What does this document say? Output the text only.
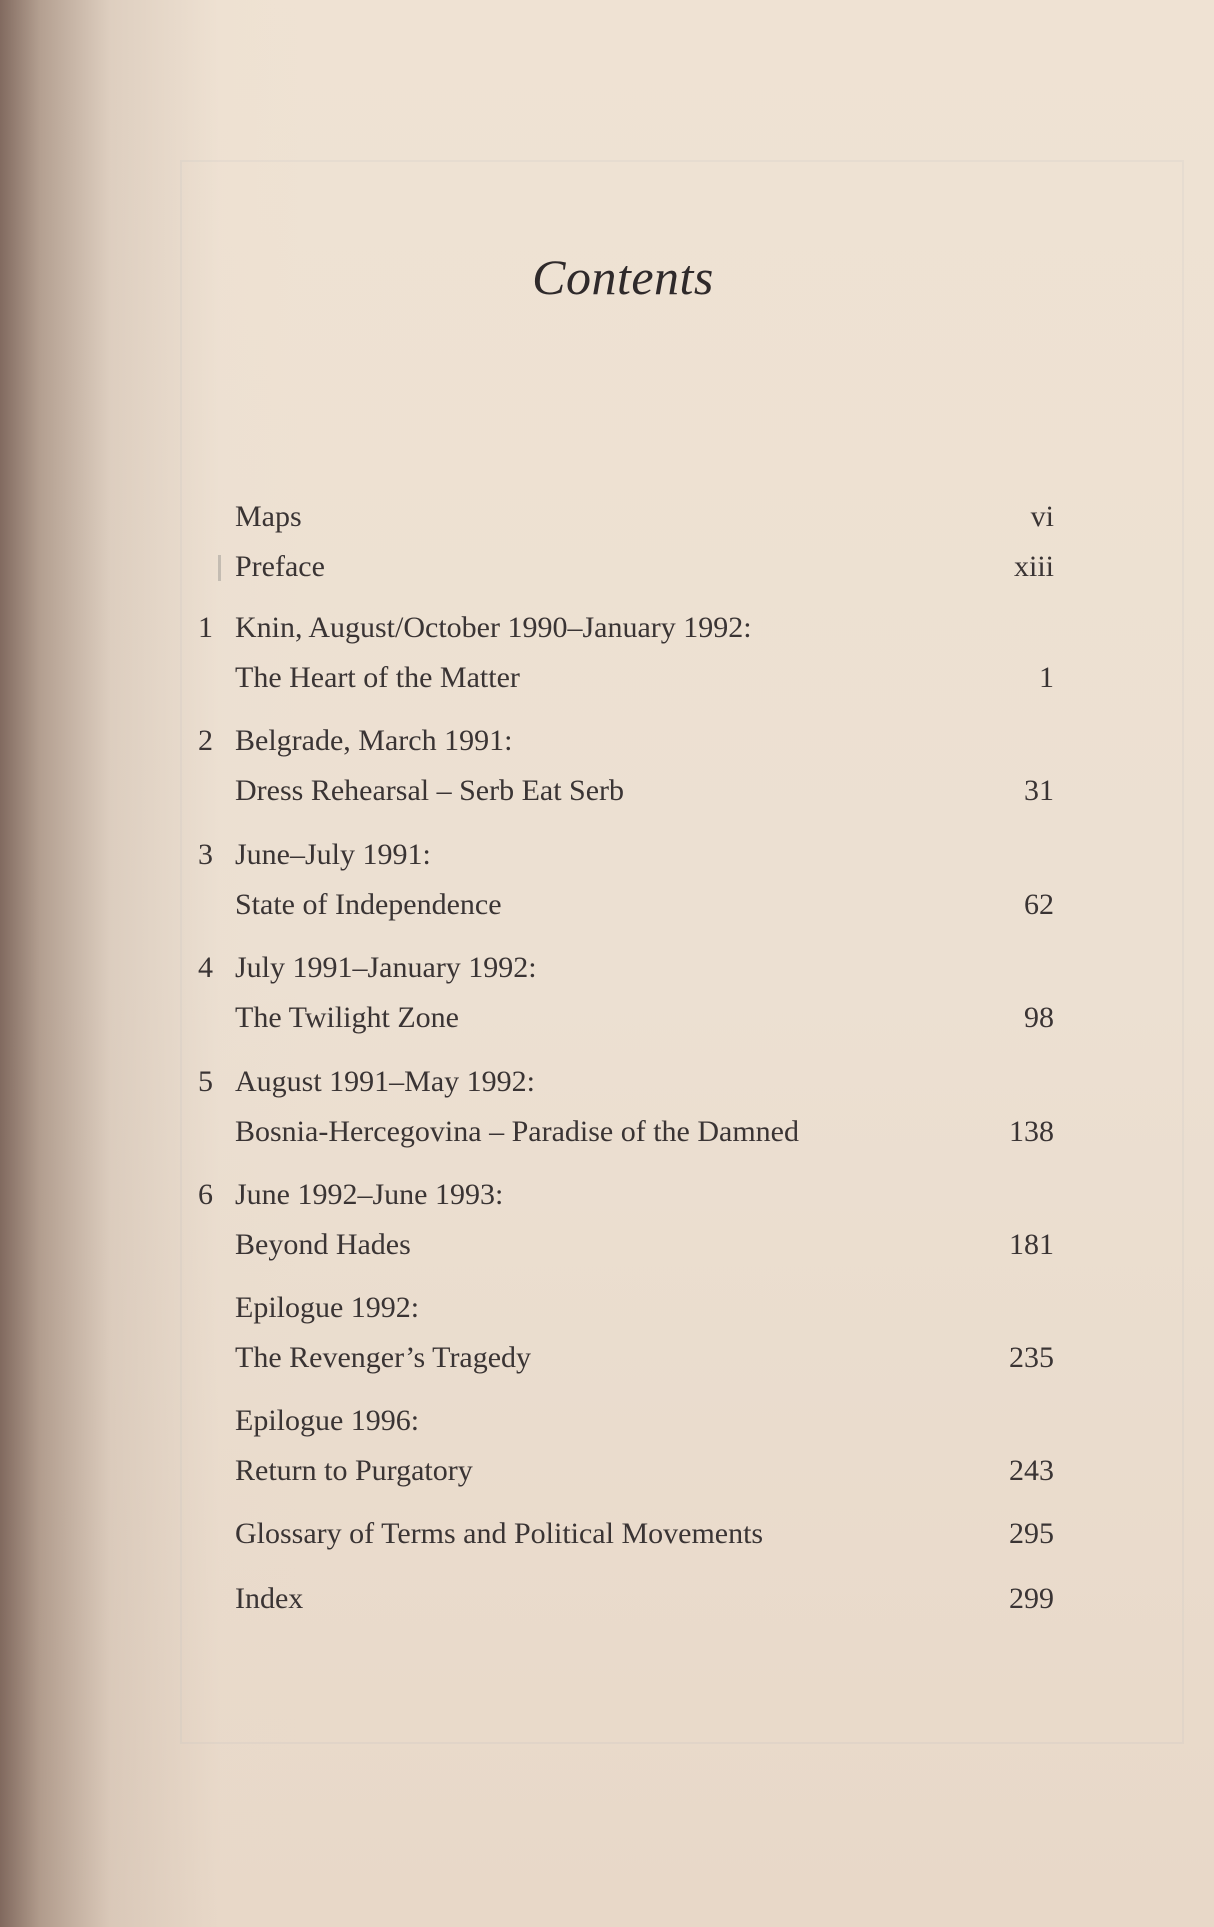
Contents
Maps	vi
Preface	xiii
1 Knin, August/October 1990–January 1992:
The Heart of the Matter	1
2 Belgrade, March 1991:
Dress Rehearsal – Serb Eat Serb	31
3 June–July 1991:
State of Independence	62
4 July 1991–January 1992:
The Twilight Zone	98
5 August 1991–May 1992:
Bosnia-Hercegovina – Paradise of the Damned	138
6 June 1992–June 1993:
Beyond Hades	181
Epilogue 1992:
The Revenger’s Tragedy	235
Epilogue 1996:
Return to Purgatory	243
Glossary of Terms and Political Movements	295
Index	299
